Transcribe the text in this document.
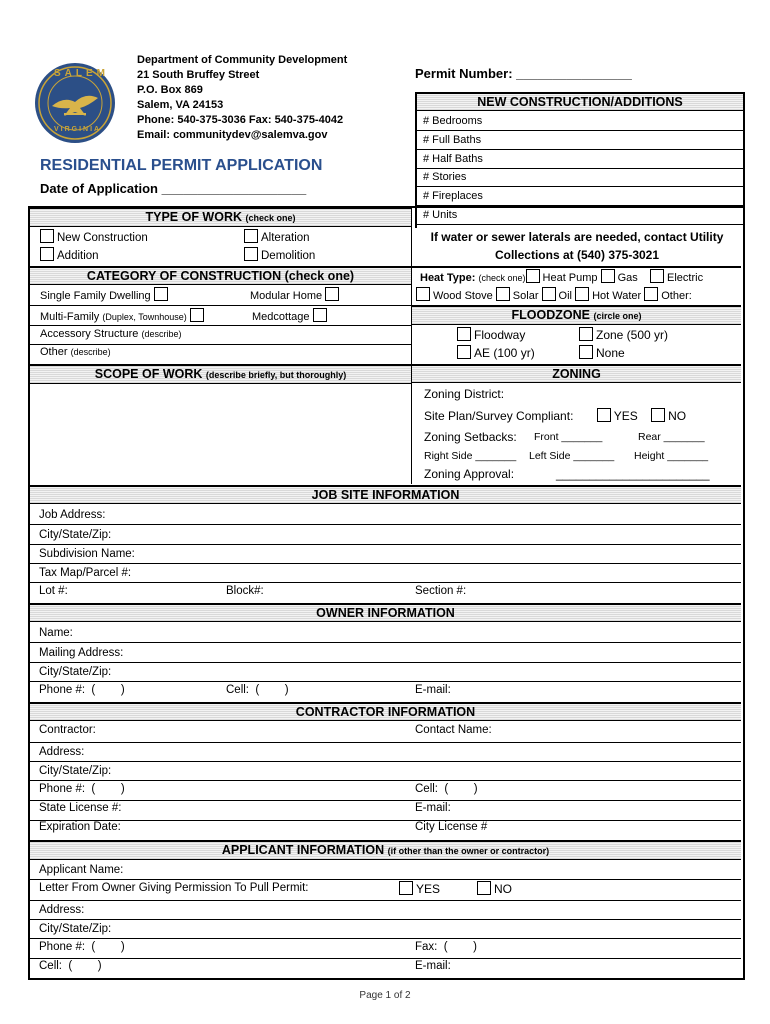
SALEM
VIRGINIA
Department of Community Development
21 South Bruffey Street
P.O. Box 869
Salem, VA 24153
Phone: 540-375-3036 Fax: 540-375-4042
Email: communitydev@salemva.gov
RESIDENTIAL PERMIT APPLICATION
Date of Application ____________________
Permit Number: ________________
NEW CONSTRUCTION/ADDITIONS
# Bedrooms
# Full Baths
# Half Baths
# Stories
# Fireplaces
# Units
TYPE OF WORK (check one)
New Construction	Alteration
Addition	Demolition
If water or sewer laterals are needed, contact Utility
Collections at (540) 375-3021
CATEGORY OF CONSTRUCTION (check one)
Single Family Dwelling	Modular Home
Multi-Family (Duplex, Townhouse)	Medcottage
Accessory Structure (describe)
Other (describe)
Heat Type: (check one) Heat Pump Gas	Electric
Wood Stove Solar Oil Hot Water Other:
FLOODZONE (circle one)
Floodway	Zone (500 yr)
AE (100 yr)	None
SCOPE OF WORK (describe briefly, but thoroughly)	ZONING
Zoning District:
Site Plan/Survey Compliant:	YES	NO
Zoning Setbacks: Front _______	Rear _______
Right Side _______ Left Side _______ Height _______
Zoning Approval:	_______________________
JOB SITE INFORMATION
Job Address:
City/State/Zip:
Subdivision Name:
Tax Map/Parcel #:
Lot #:	Block#:	Section #:
OWNER INFORMATION
Name:
Mailing Address:
City/State/Zip:
Phone #:  (        )	Cell:  (        )	E-mail:
CONTRACTOR INFORMATION
Contractor:	Contact Name:
Address:
City/State/Zip:
Phone #:  (        )	Cell:  (        )
State License #:	E-mail:
Expiration Date:	City License #
APPLICANT INFORMATION (if other than the owner or contractor)
Applicant Name:
Letter From Owner Giving Permission To Pull Permit:	YES	NO
Address:
City/State/Zip:
Phone #:  (        )	Fax:  (        )
Cell:  (        )	E-mail:
Page 1 of 2
